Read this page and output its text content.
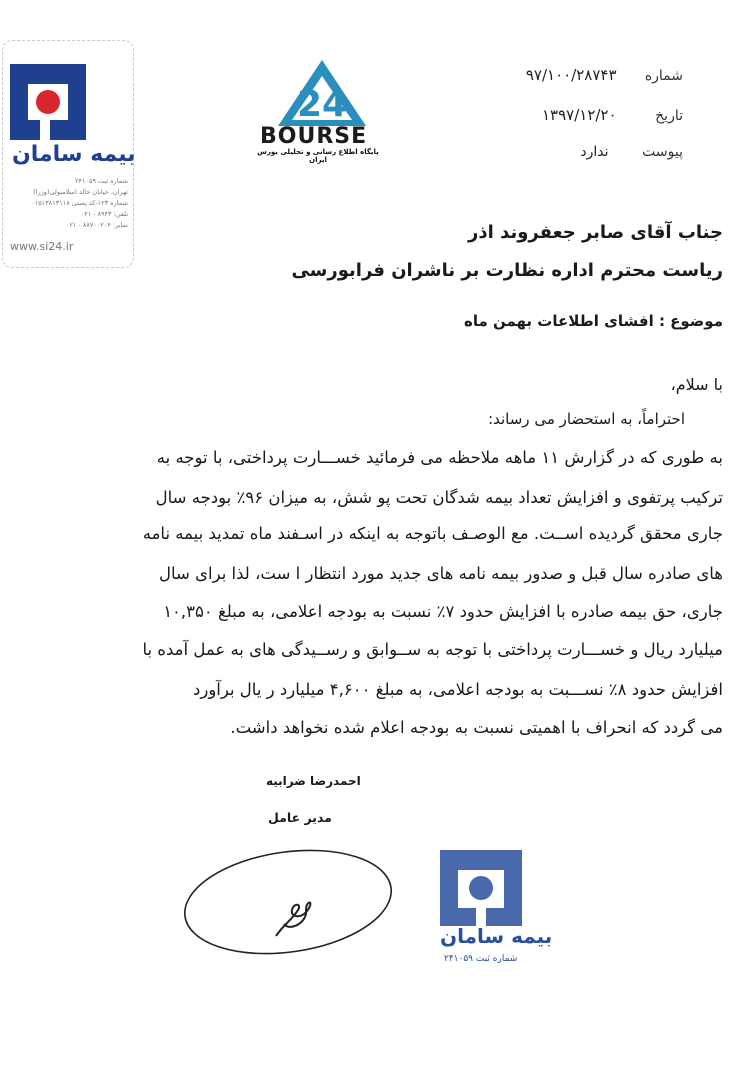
بیمه سامان
شماره ثبت ۲۴۱۰۵۹
تهران، خیابان خالد اسلامبولی(وزرا)
شماره ۱۲۳-کد پستی ۱۵۱۳۸۱۳۱۱۸
تلفن: ۸۹۴۳ - ۰۲۱
نمابر: ۸۸۷۰۰۲۰۴ - ۰۲۱
www.si24.ir
24
BOURSE
پایگاه اطلاع رسانی و تحلیلی بورس ایران
شماره ۹۷/۱۰۰/۲۸۷۴۳
تاریخ ۱۳۹۷/۱۲/۲۰
پیوست ندارد
جناب آقای صابر جعفروند اذر
ریاست محترم اداره نظارت بر ناشران فرابورسی
موضوع : افشای اطلاعات بهمن ماه
با سلام،
احتراماً، به استحضار می رساند:
به طوری که در گزارش ۱۱ ماهه ملاحظه می فرمائید خســـارت پرداختی، با توجه به
ترکیب پرتفوی و افزایش تعداد بیمه شدگان تحت پو شش، به میزان ۹۶٪ بودجه سال
جاری محقق گردیده اســت. مع الوصـف باتوجه به اینکه در اسـفند ماه تمدید بیمه نامه
های صادره سال قبل و صدور بیمه نامه های جدید مورد انتظار ا ست، لذا برای سال
جاری، حق بیمه صادره با افزایش حدود ۷٪ نسبت به بودجه اعلامی، به مبلغ ۱۰,۳۵۰
میلیارد ریال و خســـارت پرداختی با توجه به ســوابق و رســیدگی های به عمل آمده با
افزایش حدود ۸٪ نســـبت به بودجه اعلامی، به مبلغ ۴,۶۰۰ میلیارد ر یال برآورد
می گردد که انحراف با اهمیتی نسبت به بودجه اعلام شده نخواهد داشت.
احمدرضا ضرابیه
مدیر عامل
بیمه سامان
شماره ثبت ۲۴۱۰۵۹
